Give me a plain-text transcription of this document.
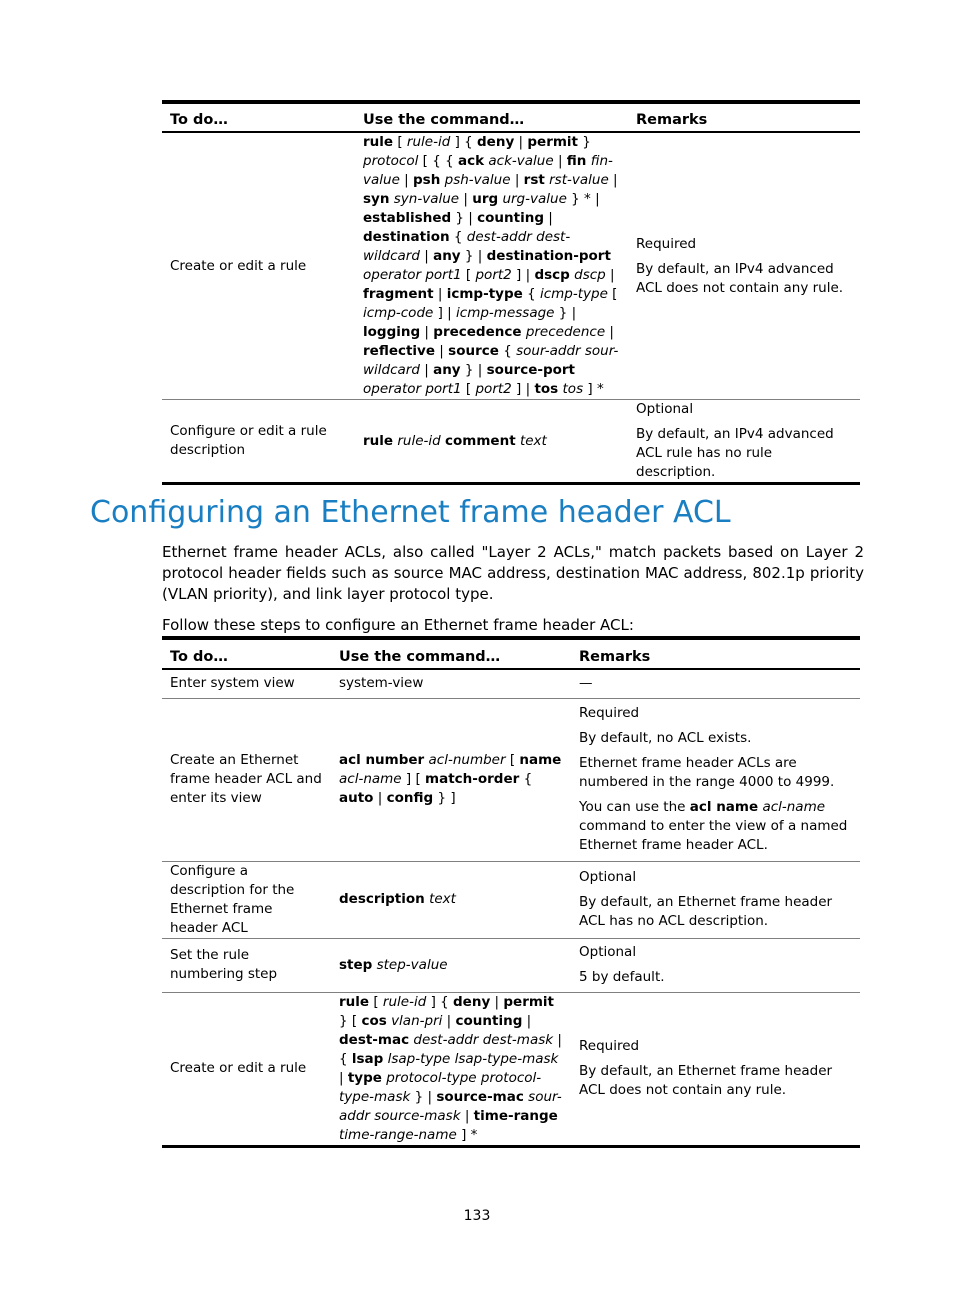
To do…	Use the command…	Remarks
Create or edit a rule	rule [ rule-id ] { deny | permit } protocol [ { { ack ack-value | fin fin-value | psh psh-value | rst rst-value | syn syn-value | urg urg-value } * | established } | counting | destination { dest-addr dest-wildcard | any } | destination-port operator port1 [ port2 ] | dscp dscp | fragment | icmp-type { icmp-type [ icmp-code ] | icmp-message } | logging | precedence precedence | reflective | source { sour-addr sour-wildcard | any } | source-port operator port1 [ port2 ] | tos tos ] *	Required

By default, an IPv4 advanced ACL does not contain any rule.

Configure or edit a rule description	rule rule-id comment text	Optional

By default, an IPv4 advanced ACL rule has no rule description.

Configuring an Ethernet frame header ACL

Ethernet frame header ACLs, also called "Layer 2 ACLs," match packets based on Layer 2 protocol header fields such as source MAC address, destination MAC address, 802.1p priority (VLAN priority), and link layer protocol type.

Follow these steps to configure an Ethernet frame header ACL:

To do…	Use the command…	Remarks
Enter system view	system-view	—

Create an Ethernet frame header ACL and enter its view	acl number acl-number [ name acl-name ] [ match-order { auto | config } ]	Required

By default, no ACL exists.

Ethernet frame header ACLs are numbered in the range 4000 to 4999.

You can use the acl name acl-name command to enter the view of a named Ethernet frame header ACL.

Configure a description for the Ethernet frame header ACL	description text	Optional

By default, an Ethernet frame header ACL has no ACL description.

Set the rule numbering step	step step-value	Optional

5 by default.

Create or edit a rule	rule [ rule-id ] { deny | permit } [ cos vlan-pri | counting | dest-mac dest-addr dest-mask | { lsap lsap-type lsap-type-mask | type protocol-type protocol-type-mask } | source-mac sour-addr source-mask | time-range time-range-name ] *	Required

By default, an Ethernet frame header ACL does not contain any rule.

133
